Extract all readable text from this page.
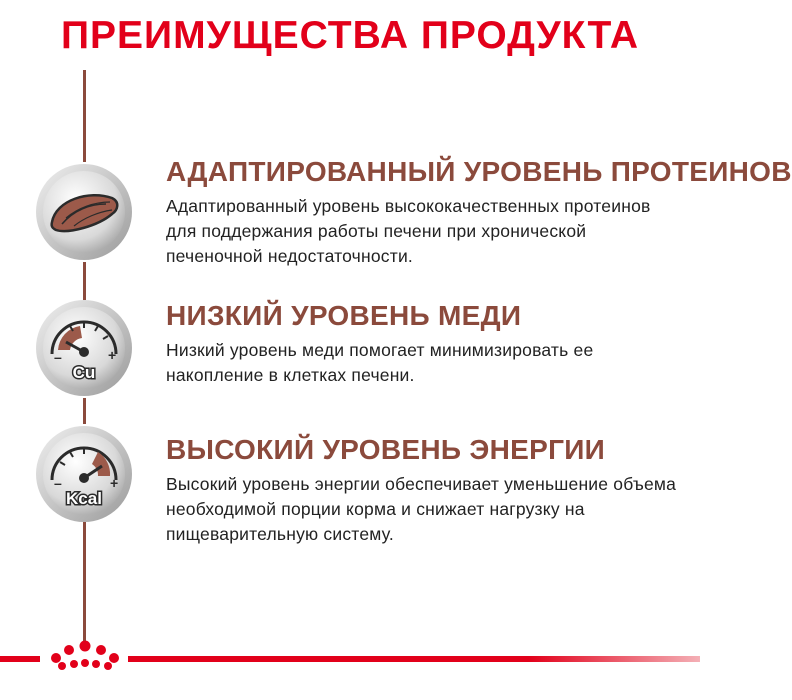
ПРЕИМУЩЕСТВА ПРОДУКТА
–	+
Cu
–	+
Kcal
АДАПТИРОВАННЫЙ УРОВЕНЬ ПРОТЕИНОВ

Адаптированный уровень высококачественных протеинов для поддержания работы печени при хронической печеночной недостаточности.

НИЗКИЙ УРОВЕНЬ МЕДИ

Низкий уровень меди помогает минимизировать ее накопление в клетках печени.

ВЫСОКИЙ УРОВЕНЬ ЭНЕРГИИ

Высокий уровень энергии обеспечивает уменьшение объема необходимой порции корма и снижает нагрузку на пищеварительную систему.
